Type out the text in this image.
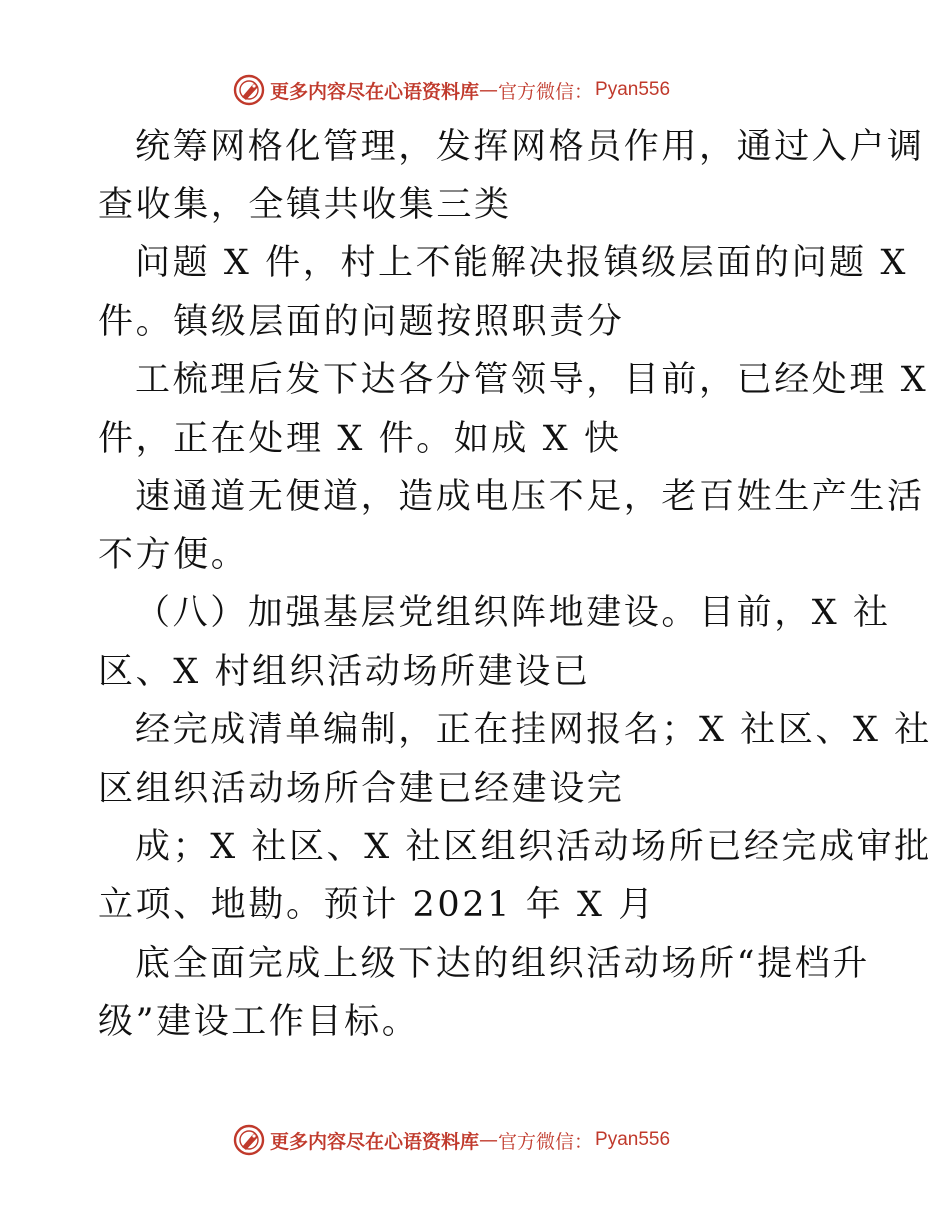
更多内容尽在心语资料库 — 官方微信： Pyan556
统筹网格化管理，发挥网格员作用，通过入户调
查收集，全镇共收集三类
问题 X 件，村上不能解决报镇级层面的问题 X
件。镇级层面的问题按照职责分
工梳理后发下达各分管领导，目前，已经处理 X
件，正在处理 X 件。如成 X 快
速通道无便道，造成电压不足，老百姓生产生活
不方便。
（八）加强基层党组织阵地建设。目前，X 社
区、X 村组织活动场所建设已
经完成清单编制，正在挂网报名；X 社区、X 社
区组织活动场所合建已经建设完
成；X 社区、X 社区组织活动场所已经完成审批
立项、地勘。预计 2021 年 X 月
底全面完成上级下达的组织活动场所“提档升
级”建设工作目标。
更多内容尽在心语资料库 — 官方微信： Pyan556
